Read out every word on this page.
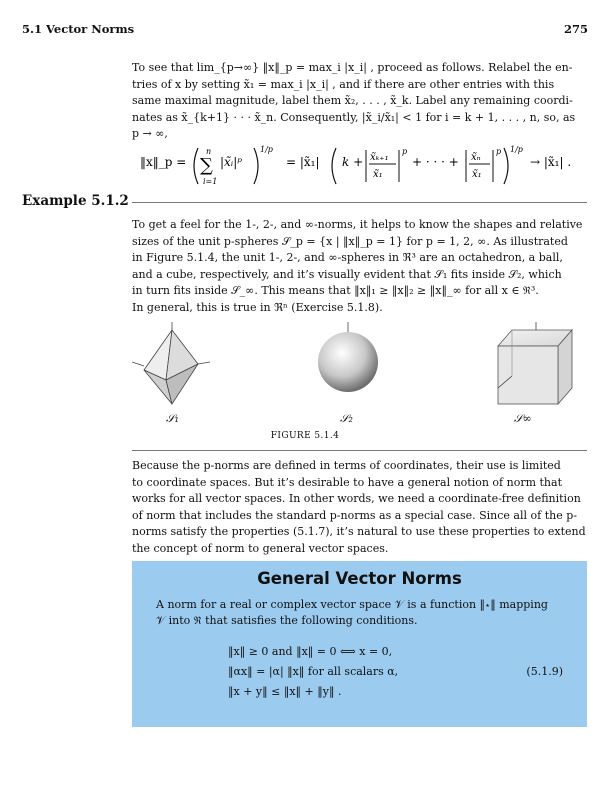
5.1 Vector Norms	275
To see that lim_{p→∞} ‖x‖_p = max_i |x_i| , proceed as follows. Relabel the en-
tries of x by setting x̃₁ = max_i |x_i| , and if there are other entries with this
same maximal magnitude, label them x̃₂, . . . , x̃_k. Label any remaining coordi-
nates as x̃_{k+1} · · · x̃_n. Consequently, |x̃_i/x̃₁| < 1 for i = k + 1, . . . , n, so, as
p → ∞,
‖x‖_p =
n
∑
i=1
|x̃ᵢ|ᵖ
1/p
= |x̃₁| k + x̃ₖ₊₁
x̃₁
p
+ · · · + x̃ₙ
x̃₁
p 1/p
→ |x̃₁| .
Example 5.1.2
To get a feel for the 1-, 2-, and ∞-norms, it helps to know the shapes and relative
sizes of the unit p-spheres 𝒮_p = {x | ‖x‖_p = 1} for p = 1, 2, ∞. As illustrated
in Figure 5.1.4, the unit 1-, 2-, and ∞-spheres in ℜ³ are an octahedron, a ball,
and a cube, respectively, and it’s visually evident that 𝒮₁ fits inside 𝒮₂, which
in turn fits inside 𝒮_∞. This means that ‖x‖₁ ≥ ‖x‖₂ ≥ ‖x‖_∞ for all x ∈ ℜ³.
In general, this is true in ℜⁿ (Exercise 5.1.8).
𝒮₁	𝒮₂	𝒮∞
FIGURE 5.1.4
Because the p-norms are defined in terms of coordinates, their use is limited
to coordinate spaces. But it’s desirable to have a general notion of norm that
works for all vector spaces. In other words, we need a coordinate-free definition
of norm that includes the standard p-norms as a special case. Since all of the p-
norms satisfy the properties (5.1.7), it’s natural to use these properties to extend
the concept of norm to general vector spaces.
General Vector Norms
A norm for a real or complex vector space 𝒱 is a function ‖⋆‖ mapping
𝒱 into ℜ that satisfies the following conditions.
‖x‖ ≥ 0 and ‖x‖ = 0 ⟺ x = 0,
‖αx‖ = |α| ‖x‖ for all scalars α,
‖x + y‖ ≤ ‖x‖ + ‖y‖ .
(5.1.9)
